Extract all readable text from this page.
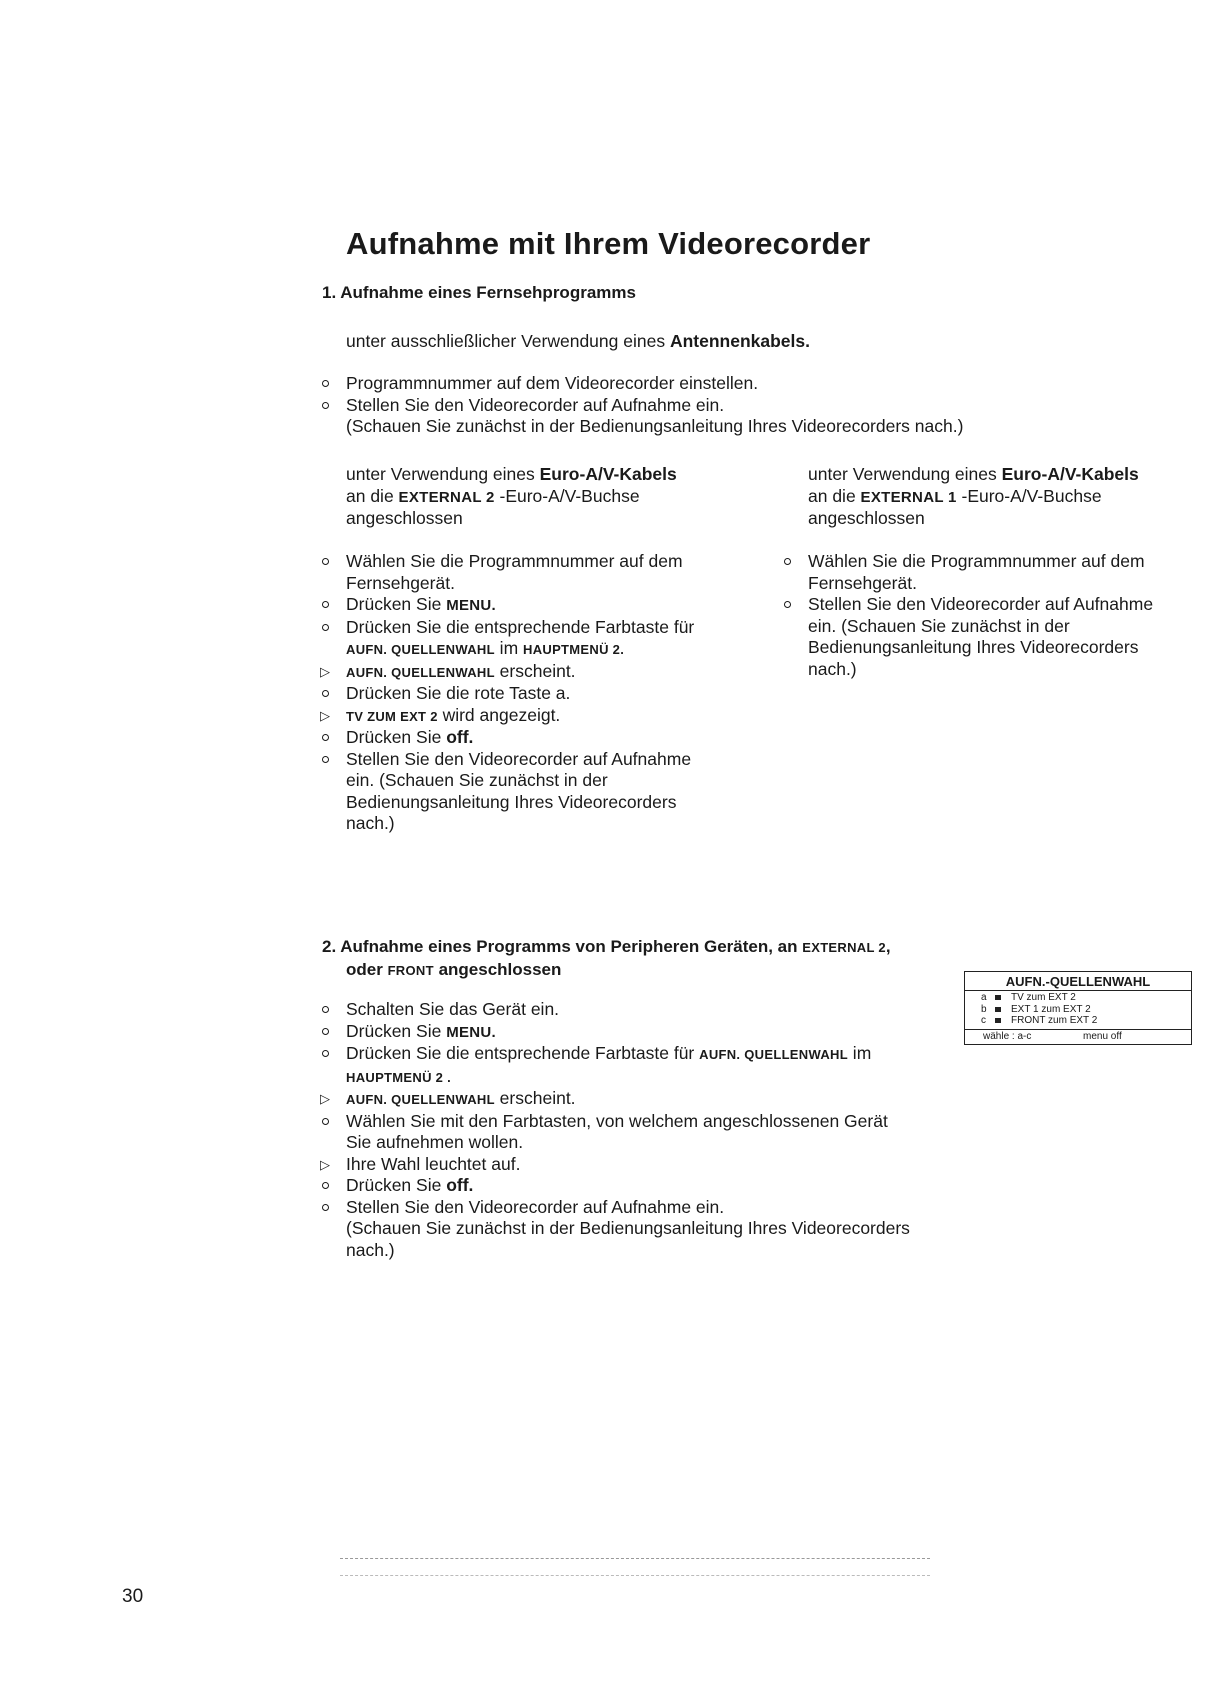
Aufnahme mit Ihrem Videorecorder
1. Aufnahme eines Fernsehprogramms
unter ausschließlicher Verwendung eines Antennenkabels.
Programmnummer auf dem Videorecorder einstellen.
Stellen Sie den Videorecorder auf Aufnahme ein.
(Schauen Sie zunächst in der Bedienungsanleitung Ihres Videorecorders nach.)
unter Verwendung eines Euro-A/V-Kabels
an die EXTERNAL 2 -Euro-A/V-Buchse
angeschlossen
Wählen Sie die Programmnummer auf dem
Fernsehgerät.
Drücken Sie MENU.
Drücken Sie die entsprechende Farbtaste für
AUFN. QUELLENWAHL im HAUPTMENÜ 2.
▷ AUFN. QUELLENWAHL erscheint.
Drücken Sie die rote Taste a.
▷ TV ZUM EXT 2 wird angezeigt.
Drücken Sie off.
Stellen Sie den Videorecorder auf Aufnahme
ein. (Schauen Sie zunächst in der
Bedienungsanleitung Ihres Videorecorders
nach.)
unter Verwendung eines Euro-A/V-Kabels
an die EXTERNAL 1 -Euro-A/V-Buchse
angeschlossen
Wählen Sie die Programmnummer auf dem
Fernsehgerät.
Stellen Sie den Videorecorder auf Aufnahme
ein. (Schauen Sie zunächst in der
Bedienungsanleitung Ihres Videorecorders
nach.)
2. Aufnahme eines Programms von Peripheren Geräten, an EXTERNAL 2,
oder FRONT angeschlossen
Schalten Sie das Gerät ein.
Drücken Sie MENU.
Drücken Sie die entsprechende Farbtaste für AUFN. QUELLENWAHL im
HAUPTMENÜ 2 .
▷ AUFN. QUELLENWAHL erscheint.
Wählen Sie mit den Farbtasten, von welchem angeschlossenen Gerät
Sie aufnehmen wollen.
▷ Ihre Wahl leuchtet auf.
Drücken Sie off.
Stellen Sie den Videorecorder auf Aufnahme ein.
(Schauen Sie zunächst in der Bedienungsanleitung Ihres Videorecorders
nach.)
AUFN.-QUELLENWAHL
a	TV zum EXT 2
b	EXT 1 zum EXT 2
c	FRONT zum EXT 2
wähle : a-c	menu off
30
